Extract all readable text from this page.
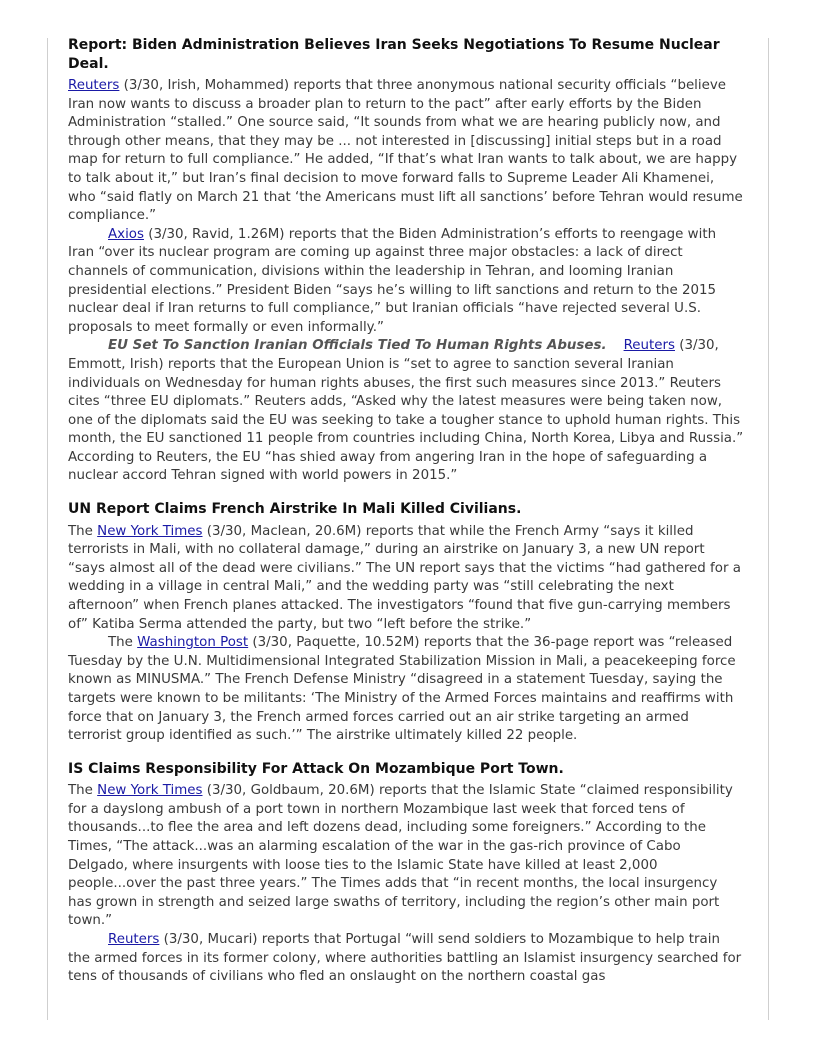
Report: Biden Administration Believes Iran Seeks Negotiations To Resume Nuclear Deal.

Reuters (3/30, Irish, Mohammed) reports that three anonymous national security officials “believe Iran now wants to discuss a broader plan to return to the pact” after early efforts by the Biden Administration “stalled.” One source said, “It sounds from what we are hearing publicly now, and through other means, that they may be ... not interested in [discussing] initial steps but in a road map for return to full compliance.” He added, “If that’s what Iran wants to talk about, we are happy to talk about it,” but Iran’s final decision to move forward falls to Supreme Leader Ali Khamenei, who “said flatly on March 21 that ‘the Americans must lift all sanctions’ before Tehran would resume compliance.”

Axios (3/30, Ravid, 1.26M) reports that the Biden Administration’s efforts to reengage with Iran “over its nuclear program are coming up against three major obstacles: a lack of direct channels of communication, divisions within the leadership in Tehran, and looming Iranian presidential elections.” President Biden “says he’s willing to lift sanctions and return to the 2015 nuclear deal if Iran returns to full compliance,” but Iranian officials “have rejected several U.S. proposals to meet formally or even informally.”

EU Set To Sanction Iranian Officials Tied To Human Rights Abuses. Reuters (3/30, Emmott, Irish) reports that the European Union is “set to agree to sanction several Iranian individuals on Wednesday for human rights abuses, the first such measures since 2013.” Reuters cites “three EU diplomats.” Reuters adds, “Asked why the latest measures were being taken now, one of the diplomats said the EU was seeking to take a tougher stance to uphold human rights. This month, the EU sanctioned 11 people from countries including China, North Korea, Libya and Russia.” According to Reuters, the EU “has shied away from angering Iran in the hope of safeguarding a nuclear accord Tehran signed with world powers in 2015.”

UN Report Claims French Airstrike In Mali Killed Civilians.

The New York Times (3/30, Maclean, 20.6M) reports that while the French Army “says it killed terrorists in Mali, with no collateral damage,” during an airstrike on January 3, a new UN report “says almost all of the dead were civilians.” The UN report says that the victims “had gathered for a wedding in a village in central Mali,” and the wedding party was “still celebrating the next afternoon” when French planes attacked. The investigators “found that five gun-carrying members of” Katiba Serma attended the party, but two “left before the strike.”

The Washington Post (3/30, Paquette, 10.52M) reports that the 36-page report was “released Tuesday by the U.N. Multidimensional Integrated Stabilization Mission in Mali, a peacekeeping force known as MINUSMA.” The French Defense Ministry “disagreed in a statement Tuesday, saying the targets were known to be militants: ‘The Ministry of the Armed Forces maintains and reaffirms with force that on January 3, the French armed forces carried out an air strike targeting an armed terrorist group identified as such.’” The airstrike ultimately killed 22 people.

IS Claims Responsibility For Attack On Mozambique Port Town.

The New York Times (3/30, Goldbaum, 20.6M) reports that the Islamic State “claimed responsibility for a dayslong ambush of a port town in northern Mozambique last week that forced tens of thousands...to flee the area and left dozens dead, including some foreigners.” According to the Times, “The attack...was an alarming escalation of the war in the gas-rich province of Cabo Delgado, where insurgents with loose ties to the Islamic State have killed at least 2,000 people...over the past three years.” The Times adds that “in recent months, the local insurgency has grown in strength and seized large swaths of territory, including the region’s other main port town.”

Reuters (3/30, Mucari) reports that Portugal “will send soldiers to Mozambique to help train the armed forces in its former colony, where authorities battling an Islamist insurgency searched for tens of thousands of civilians who fled an onslaught on the northern coastal gas
